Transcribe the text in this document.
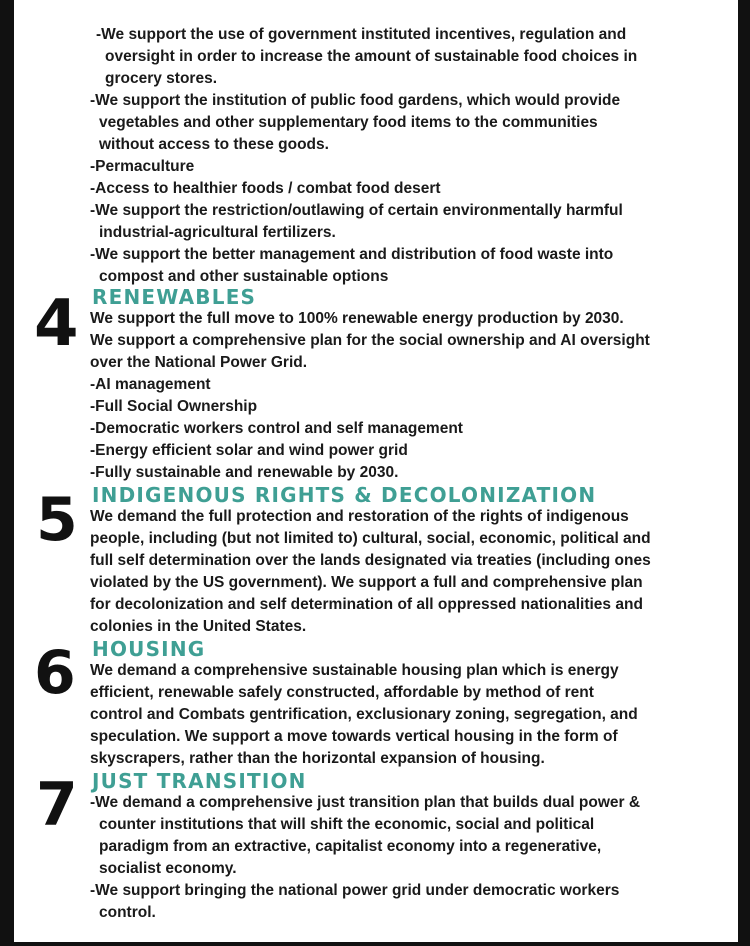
-We support the use of government instituted incentives, regulation and
oversight in order to increase the amount of sustainable food choices in
grocery stores.
-We support the institution of public food gardens, which would provide
vegetables and other supplementary food items to the communities
without access to these goods.
-Permaculture
-Access to healthier foods / combat food desert
-We support the restriction/outlawing of certain environmentally harmful
industrial-agricultural fertilizers.
-We support the better management and distribution of food waste into
compost and other sustainable options
4 RENEWABLES
We support the full move to 100% renewable energy production by 2030.
We support a comprehensive plan for the social ownership and AI oversight
over the National Power Grid.
-AI management
-Full Social Ownership
-Democratic workers control and self management
-Energy efficient solar and wind power grid
-Fully sustainable and renewable by 2030.
5 INDIGENOUS RIGHTS & DECOLONIZATION
We demand the full protection and restoration of the rights of indigenous
people, including (but not limited to) cultural, social, economic, political and
full self determination over the lands designated via treaties (including ones
violated by the US government). We support a full and comprehensive plan
for decolonization and self determination of all oppressed nationalities and
colonies in the United States.
6 HOUSING
We demand a comprehensive sustainable housing plan which is energy
efficient, renewable safely constructed, affordable by method of rent
control and Combats gentrification, exclusionary zoning, segregation, and
speculation. We support a move towards vertical housing in the form of
skyscrapers, rather than the horizontal expansion of housing.
7 JUST TRANSITION
-We demand a comprehensive just transition plan that builds dual power &
counter institutions that will shift the economic, social and political
paradigm from an extractive, capitalist economy into a regenerative,
socialist economy.
-We support bringing the national power grid under democratic workers
control.
